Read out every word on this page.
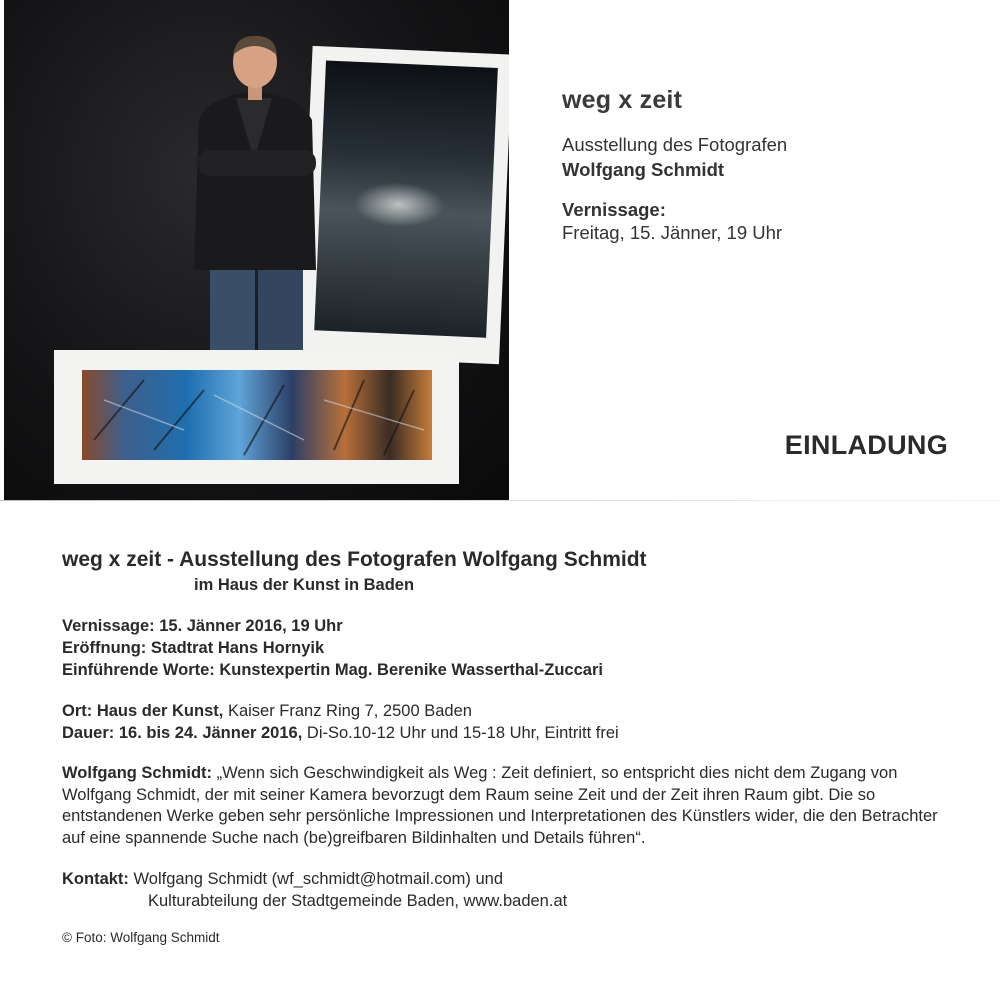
weg x zeit

Ausstellung des Fotografen

Wolfgang Schmidt

Vernissage:

Freitag, 15. Jänner, 19 Uhr

EINLADUNG

weg x zeit - Ausstellung des Fotografen Wolfgang Schmidt

im Haus der Kunst in Baden

Vernissage: 15. Jänner 2016, 19 Uhr

Eröffnung: Stadtrat Hans Hornyik

Einführende Worte: Kunstexpertin Mag. Berenike Wasserthal-Zuccari

Ort: Haus der Kunst, Kaiser Franz Ring 7, 2500 Baden

Dauer: 16. bis 24. Jänner 2016, Di-So.10-12 Uhr und 15-18 Uhr, Eintritt frei

Wolfgang Schmidt: „Wenn sich Geschwindigkeit als Weg : Zeit definiert, so entspricht dies nicht dem Zugang von Wolfgang Schmidt, der mit seiner Kamera bevorzugt dem Raum seine Zeit und der Zeit ihren Raum gibt. Die so entstandenen Werke geben sehr persönliche Impressionen und Interpretationen des Künstlers wider, die den Betrachter auf eine spannende Suche nach (be)greifbaren Bildinhalten und Details führen“.

Kontakt: Wolfgang Schmidt (wf_schmidt@hotmail.com) und

Kulturabteilung der Stadtgemeinde Baden, www.baden.at

© Foto: Wolfgang Schmidt
